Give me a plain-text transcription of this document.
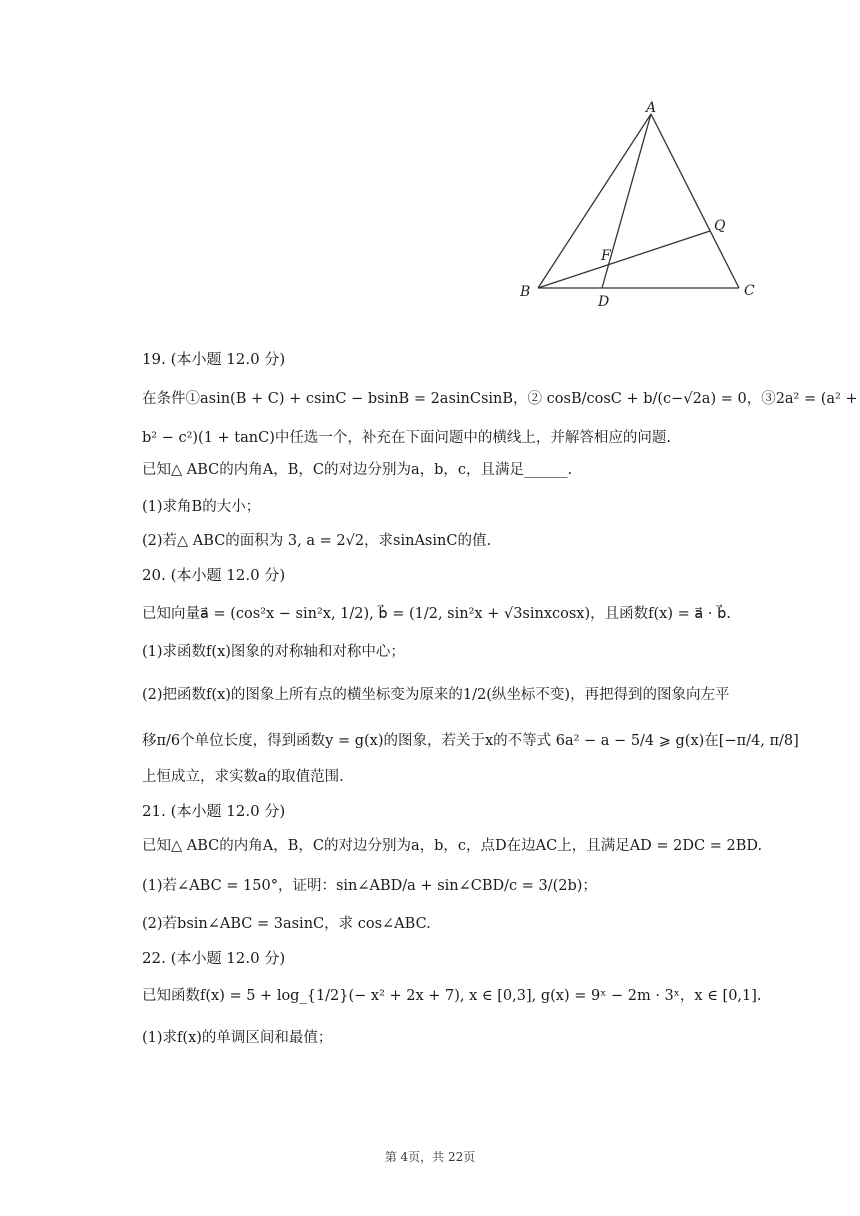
A
B	C
D
F
Q
19. (本小题 12.0 分)
在条件①asin(B + C) + csinC − bsinB = 2asinCsinB，② cosB/cosC + b/(c−√2a) = 0，③2a² = (a² +
b² − c²)(1 + tanC)中任选一个，补充在下面问题中的横线上，并解答相应的问题.
已知△ ABC的内角A，B，C的对边分别为a，b，c，且满足______.
(1)求角B的大小；
(2)若△ ABC的面积为 3, a = 2√2，求sinAsinC的值.
20. (本小题 12.0 分)
已知向量a⃗ = (cos²x − sin²x, 1/2), b⃗ = (1/2, sin²x + √3sinxcosx)，且函数f(x) = a⃗ · b⃗.
(1)求函数f(x)图象的对称轴和对称中心；
(2)把函数f(x)的图象上所有点的横坐标变为原来的1/2(纵坐标不变)，再把得到的图象向左平
移π/6个单位长度，得到函数y = g(x)的图象，若关于x的不等式 6a² − a − 5/4 ⩾ g(x)在[−π/4, π/8]
上恒成立，求实数a的取值范围.
21. (本小题 12.0 分)
已知△ ABC的内角A，B，C的对边分别为a，b，c，点D在边AC上，且满足AD = 2DC = 2BD.
(1)若∠ABC = 150°，证明：sin∠ABD/a + sin∠CBD/c = 3/(2b)；
(2)若bsin∠ABC = 3asinC，求 cos∠ABC.
22. (本小题 12.0 分)
已知函数f(x) = 5 + log_{1/2}(− x² + 2x + 7), x ∈ [0,3], g(x) = 9ˣ − 2m · 3ˣ，x ∈ [0,1].
(1)求f(x)的单调区间和最值；
第 4页，共 22页
